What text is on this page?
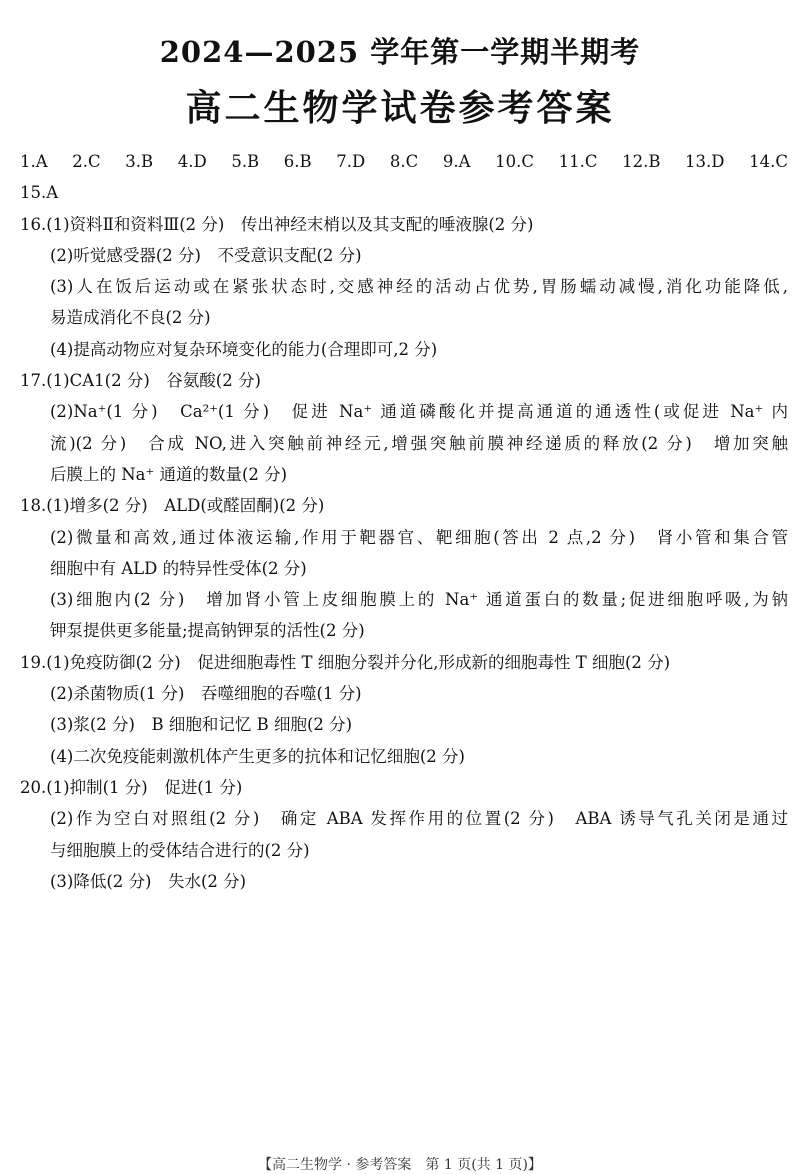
2024—2025 学年第一学期半期考
高二生物学试卷参考答案
1.A　2.C　3.B　4.D　5.B　6.B　7.D　8.C　9.A　10.C　11.C　12.B　13.D　14.C
15.A
16.(1)资料Ⅱ和资料Ⅲ(2 分)　传出神经末梢以及其支配的唾液腺(2 分)
(2)听觉感受器(2 分)　不受意识支配(2 分)
(3)人在饭后运动或在紧张状态时,交感神经的活动占优势,胃肠蠕动减慢,消化功能降低,
易造成消化不良(2 分)
(4)提高动物应对复杂环境变化的能力(合理即可,2 分)
17.(1)CA1(2 分)　谷氨酸(2 分)
(2)Na⁺(1 分)　Ca²⁺(1 分)　促进 Na⁺ 通道磷酸化并提高通道的通透性(或促进 Na⁺ 内
流)(2 分)　合成 NO,进入突触前神经元,增强突触前膜神经递质的释放(2 分)　增加突触
后膜上的 Na⁺ 通道的数量(2 分)
18.(1)增多(2 分)　ALD(或醛固酮)(2 分)
(2)微量和高效,通过体液运输,作用于靶器官、靶细胞(答出 2 点,2 分)　肾小管和集合管
细胞中有 ALD 的特异性受体(2 分)
(3)细胞内(2 分)　增加肾小管上皮细胞膜上的 Na⁺ 通道蛋白的数量;促进细胞呼吸,为钠
钾泵提供更多能量;提高钠钾泵的活性(2 分)
19.(1)免疫防御(2 分)　促进细胞毒性 T 细胞分裂并分化,形成新的细胞毒性 T 细胞(2 分)
(2)杀菌物质(1 分)　吞噬细胞的吞噬(1 分)
(3)浆(2 分)　B 细胞和记忆 B 细胞(2 分)
(4)二次免疫能刺激机体产生更多的抗体和记忆细胞(2 分)
20.(1)抑制(1 分)　促进(1 分)
(2)作为空白对照组(2 分)　确定 ABA 发挥作用的位置(2 分)　ABA 诱导气孔关闭是通过
与细胞膜上的受体结合进行的(2 分)
(3)降低(2 分)　失水(2 分)
【高二生物学 · 参考答案　第 1 页(共 1 页)】
